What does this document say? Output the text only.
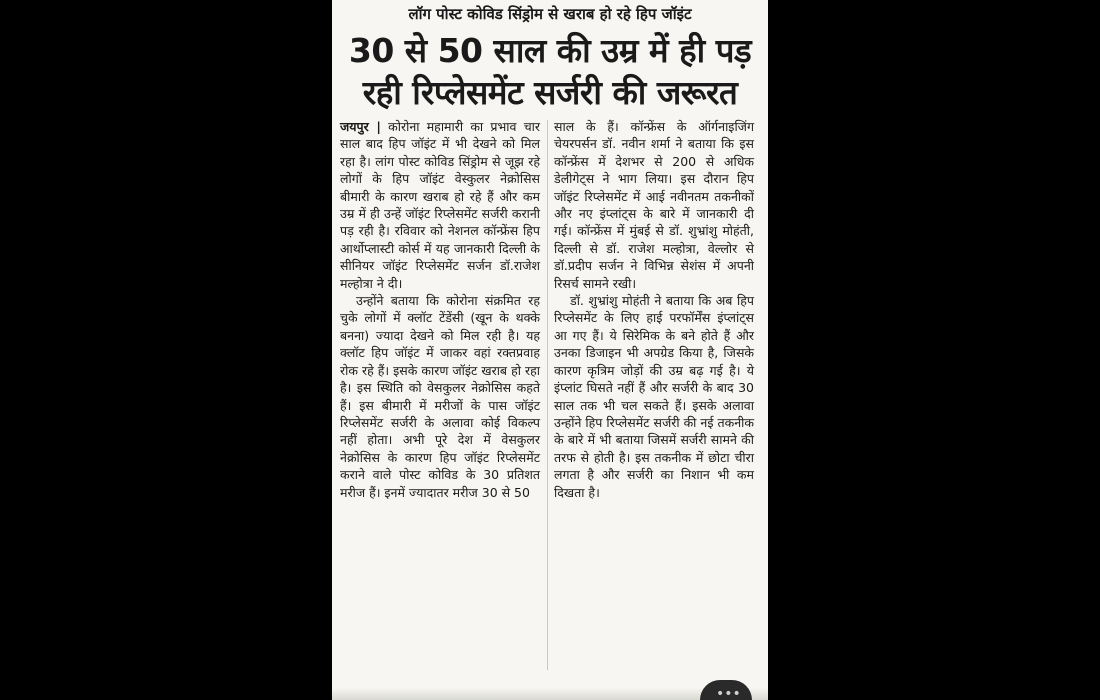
लॉग पोस्ट कोविड सिंड्रोम से खराब हो रहे हिप जॉइंट
30 से 50 साल की उम्र में ही पड़
रही रिप्लेसमेंट सर्जरी की जरूरत

जयपुर | कोरोना महामारी का प्रभाव चार साल बाद हिप जॉइंट में भी देखने को मिल रहा है। लांग पोस्ट कोविड सिंड्रोम से जूझ रहे लोगों के हिप जॉइंट वेस्कुलर नेक्रोसिस बीमारी के कारण खराब हो रहे हैं और कम उम्र में ही उन्हें जॉइंट रिप्लेसमेंट सर्जरी करानी पड़ रही है। रविवार को नेशनल कॉन्फ्रेंस हिप आर्थोप्लास्टी कोर्स में यह जानकारी दिल्ली के सीनियर जॉइंट रिप्लेसमेंट सर्जन डॉ.राजेश मल्होत्रा ने दी।

उन्होंने बताया कि कोरोना संक्रमित रह चुके लोगों में क्लॉट टेंडेंसी (खून के थक्के बनना) ज्यादा देखने को मिल रही है। यह क्लॉट हिप जॉइंट में जाकर वहां रक्तप्रवाह रोक रहे हैं। इसके कारण जॉइंट खराब हो रहा है। इस स्थिति को वेसकुलर नेक्रोसिस कहते हैं। इस बीमारी में मरीजों के पास जॉइंट रिप्लेसमेंट सर्जरी के अलावा कोई विकल्प नहीं होता। अभी पूरे देश में वेसकुलर नेक्रोसिस के कारण हिप जॉइंट रिप्लेसमेंट कराने वाले पोस्ट कोविड के 30 प्रतिशत मरीज हैं। इनमें ज्यादातर मरीज 30 से 50

साल के हैं। कॉन्फ्रेंस के ऑर्गनाइजिंग चेयरपर्सन डॉ. नवीन शर्मा ने बताया कि इस कॉन्फ्रेंस में देशभर से 200 से अधिक डेलीगेट्स ने भाग लिया। इस दौरान हिप जॉइंट रिप्लेसमेंट में आई नवीनतम तकनीकों और नए इंप्लांट्स के बारे में जानकारी दी गई। कॉन्फ्रेंस में मुंबई से डॉ. शुभ्रांशु मोहंती, दिल्ली से डॉ. राजेश मल्होत्रा, वेल्लोर से डॉ.प्रदीप सर्जन ने विभिन्न सेशंस में अपनी रिसर्च सामने रखी।

डॉ. शुभ्रांशु मोहंती ने बताया कि अब हिप रिप्लेसमेंट के लिए हाई परफॉर्मेंस इंप्लांट्स आ गए हैं। ये सिरेमिक के बने होते हैं और उनका डिजाइन भी अपग्रेड किया है, जिसके कारण कृत्रिम जोड़ों की उम्र बढ़ गई है। ये इंप्लांट घिसते नहीं हैं और सर्जरी के बाद 30 साल तक भी चल सकते हैं। इसके अलावा उन्होंने हिप रिप्लेसमेंट सर्जरी की नई तकनीक के बारे में भी बताया जिसमें सर्जरी सामने की तरफ से होती है। इस तकनीक में छोटा चीरा लगता है और सर्जरी का निशान भी कम दिखता है।

•••
